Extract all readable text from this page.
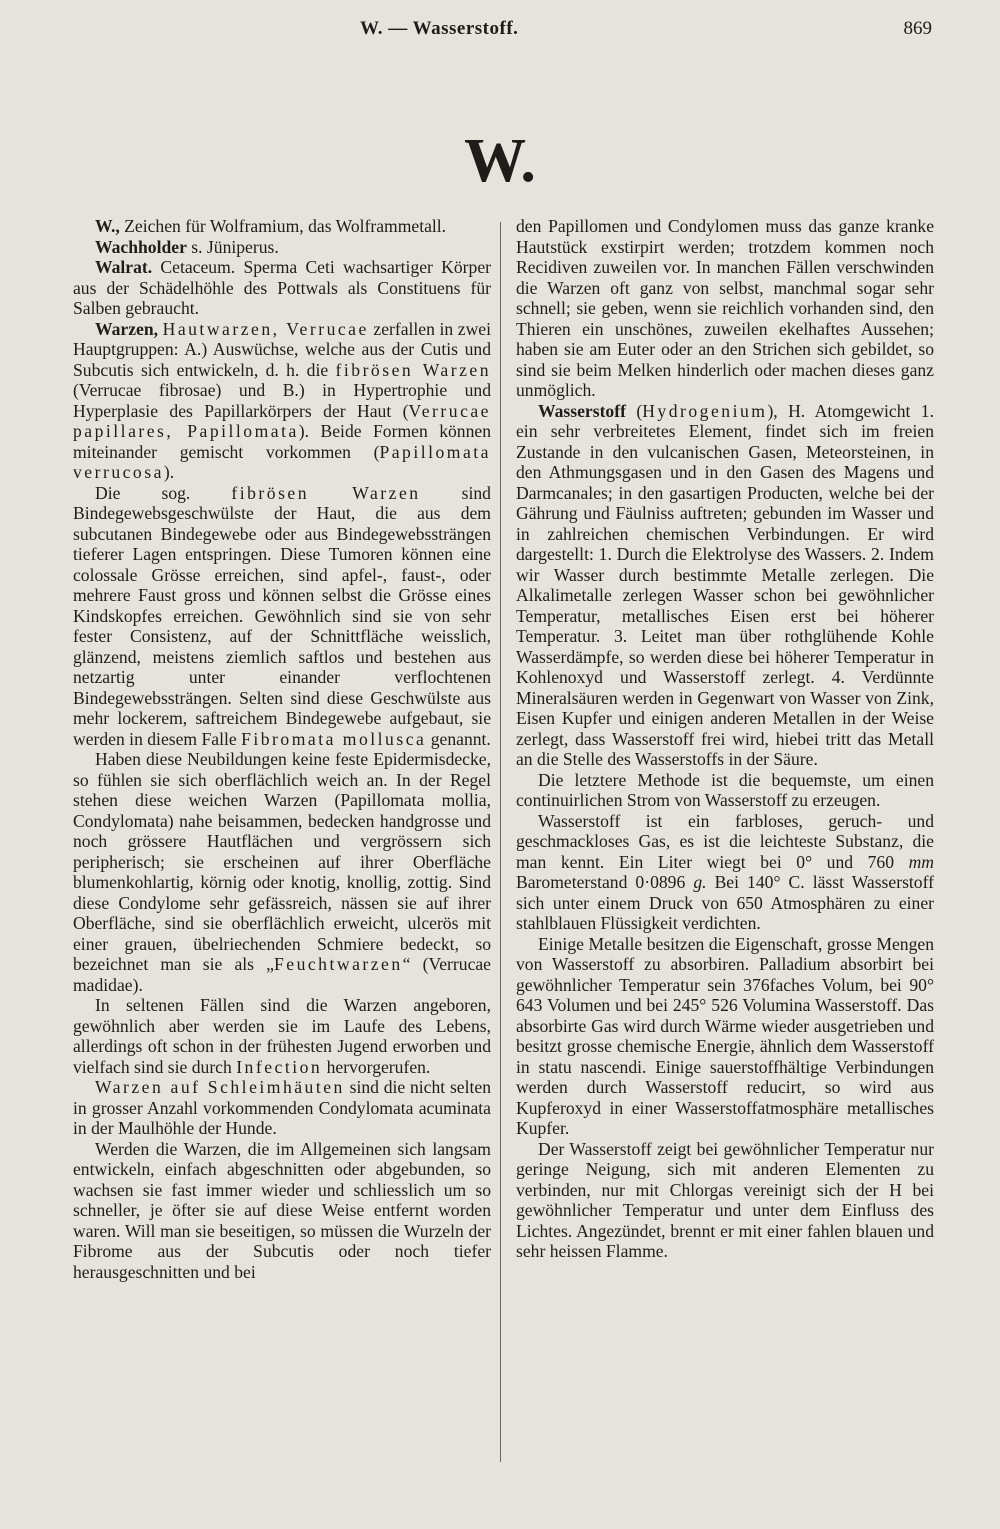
W. — Wasserstoff.	869
W.

W., Zeichen für Wolframium, das Wolframmetall.

Wachholder s. Jüniperus.

Walrat. Cetaceum. Sperma Ceti wachsartiger Körper aus der Schädelhöhle des Pottwals als Constituens für Salben gebraucht.

Warzen, Hautwarzen, Verrucae zerfallen in zwei Hauptgruppen: A.) Auswüchse, welche aus der Cutis und Subcutis sich entwickeln, d. h. die fibrösen Warzen (Verrucae fibrosae) und B.) in Hypertrophie und Hyperplasie des Papillarkörpers der Haut (Verrucae papillares, Papillomata). Beide Formen können miteinander gemischt vorkommen (Papillomata verrucosa).

Die sog. fibrösen Warzen sind Bindegewebsgeschwülste der Haut, die aus dem subcutanen Bindegewebe oder aus Bindegewebssträngen tieferer Lagen entspringen. Diese Tumoren können eine colossale Grösse erreichen, sind apfel-, faust-, oder mehrere Faust gross und können selbst die Grösse eines Kindskopfes erreichen. Gewöhnlich sind sie von sehr fester Consistenz, auf der Schnittfläche weisslich, glänzend, meistens ziemlich saftlos und bestehen aus netzartig unter einander verflochtenen Bindegewebssträngen. Selten sind diese Geschwülste aus mehr lockerem, saftreichem Bindegewebe aufgebaut, sie werden in diesem Falle Fibromata mollusca genannt.

Haben diese Neubildungen keine feste Epidermisdecke, so fühlen sie sich oberflächlich weich an. In der Regel stehen diese weichen Warzen (Papillomata mollia, Condylomata) nahe beisammen, bedecken handgrosse und noch grössere Hautflächen und vergrössern sich peripherisch; sie erscheinen auf ihrer Oberfläche blumenkohlartig, körnig oder knotig, knollig, zottig. Sind diese Condylome sehr gefässreich, nässen sie auf ihrer Oberfläche, sind sie oberflächlich erweicht, ulcerös mit einer grauen, übelriechenden Schmiere bedeckt, so bezeichnet man sie als „Feuchtwarzen“ (Verrucae madidae).

In seltenen Fällen sind die Warzen angeboren, gewöhnlich aber werden sie im Laufe des Lebens, allerdings oft schon in der frühesten Jugend erworben und vielfach sind sie durch Infection hervorgerufen.

Warzen auf Schleimhäuten sind die nicht selten in grosser Anzahl vorkommenden Condylomata acuminata in der Maulhöhle der Hunde.

Werden die Warzen, die im Allgemeinen sich langsam entwickeln, einfach abgeschnitten oder abgebunden, so wachsen sie fast immer wieder und schliesslich um so schneller, je öfter sie auf diese Weise entfernt worden waren. Will man sie beseitigen, so müssen die Wurzeln der Fibrome aus der Subcutis oder noch tiefer herausgeschnitten und bei

den Papillomen und Condylomen muss das ganze kranke Hautstück exstirpirt werden; trotzdem kommen noch Recidiven zuweilen vor. In manchen Fällen verschwinden die Warzen oft ganz von selbst, manchmal sogar sehr schnell; sie geben, wenn sie reichlich vorhanden sind, den Thieren ein unschönes, zuweilen ekelhaftes Aussehen; haben sie am Euter oder an den Strichen sich gebildet, so sind sie beim Melken hinderlich oder machen dieses ganz unmöglich.

Wasserstoff (Hydrogenium), H. Atomgewicht 1. ein sehr verbreitetes Element, findet sich im freien Zustande in den vulcanischen Gasen, Meteorsteinen, in den Athmungsgasen und in den Gasen des Magens und Darmcanales; in den gasartigen Producten, welche bei der Gährung und Fäulniss auftreten; gebunden im Wasser und in zahlreichen chemischen Verbindungen. Er wird dargestellt: 1. Durch die Elektrolyse des Wassers. 2. Indem wir Wasser durch bestimmte Metalle zerlegen. Die Alkalimetalle zerlegen Wasser schon bei gewöhnlicher Temperatur, metallisches Eisen erst bei höherer Temperatur. 3. Leitet man über rothglühende Kohle Wasserdämpfe, so werden diese bei höherer Temperatur in Kohlenoxyd und Wasserstoff zerlegt. 4. Verdünnte Mineralsäuren werden in Gegenwart von Wasser von Zink, Eisen Kupfer und einigen anderen Metallen in der Weise zerlegt, dass Wasserstoff frei wird, hiebei tritt das Metall an die Stelle des Wasserstoffs in der Säure.

Die letztere Methode ist die bequemste, um einen continuirlichen Strom von Wasserstoff zu erzeugen.

Wasserstoff ist ein farbloses, geruch- und geschmackloses Gas, es ist die leichteste Substanz, die man kennt. Ein Liter wiegt bei 0° und 760 mm Barometerstand 0·0896 g. Bei 140° C. lässt Wasserstoff sich unter einem Druck von 650 Atmosphären zu einer stahlblauen Flüssigkeit verdichten.

Einige Metalle besitzen die Eigenschaft, grosse Mengen von Wasserstoff zu absorbiren. Palladium absorbirt bei gewöhnlicher Temperatur sein 376faches Volum, bei 90° 643 Volumen und bei 245° 526 Volumina Wasserstoff. Das absorbirte Gas wird durch Wärme wieder ausgetrieben und besitzt grosse chemische Energie, ähnlich dem Wasserstoff in statu nascendi. Einige sauerstoffhältige Verbindungen werden durch Wasserstoff reducirt, so wird aus Kupferoxyd in einer Wasserstoffatmosphäre metallisches Kupfer.

Der Wasserstoff zeigt bei gewöhnlicher Temperatur nur geringe Neigung, sich mit anderen Elementen zu verbinden, nur mit Chlorgas vereinigt sich der H bei gewöhnlicher Temperatur und unter dem Einfluss des Lichtes. Angezündet, brennt er mit einer fahlen blauen und sehr heissen Flamme.
